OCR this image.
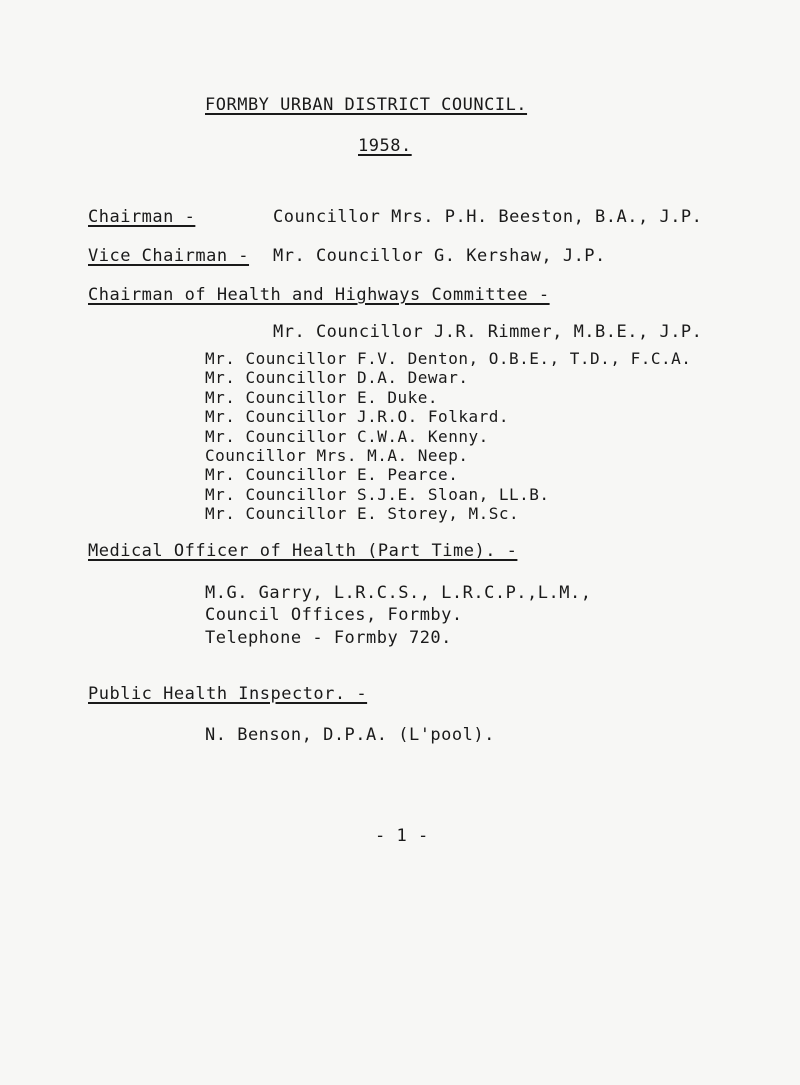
FORMBY URBAN DISTRICT COUNCIL.
1958.
Chairman -	Councillor Mrs. P.H. Beeston, B.A., J.P.
Vice Chairman - Mr. Councillor G. Kershaw, J.P.
Chairman of Health and Highways Committee -
Mr. Councillor J.R. Rimmer, M.B.E., J.P.
Mr. Councillor F.V. Denton, O.B.E., T.D., F.C.A.
Mr. Councillor D.A. Dewar.
Mr. Councillor E. Duke.
Mr. Councillor J.R.O. Folkard.
Mr. Councillor C.W.A. Kenny.
Councillor Mrs. M.A. Neep.
Mr. Councillor E. Pearce.
Mr. Councillor S.J.E. Sloan, LL.B.
Mr. Councillor E. Storey, M.Sc.
Medical Officer of Health (Part Time). -
M.G. Garry, L.R.C.S., L.R.C.P.,L.M.,
Council Offices, Formby.
Telephone - Formby 720.
Public Health Inspector. -
N. Benson, D.P.A. (L'pool).
- 1 -
